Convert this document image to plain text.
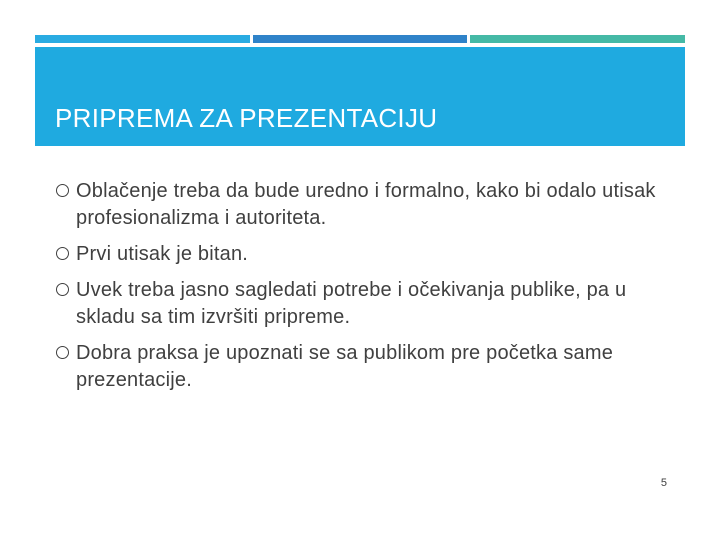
PRIPREMA ZA PREZENTACIJU
Oblačenje treba da bude uredno i formalno, kako bi odalo utisak profesionalizma i autoriteta.
Prvi utisak je bitan.
Uvek treba jasno sagledati potrebe i očekivanja publike, pa u skladu sa tim izvršiti pripreme.
Dobra praksa je upoznati se sa publikom pre početka same prezentacije.
5
